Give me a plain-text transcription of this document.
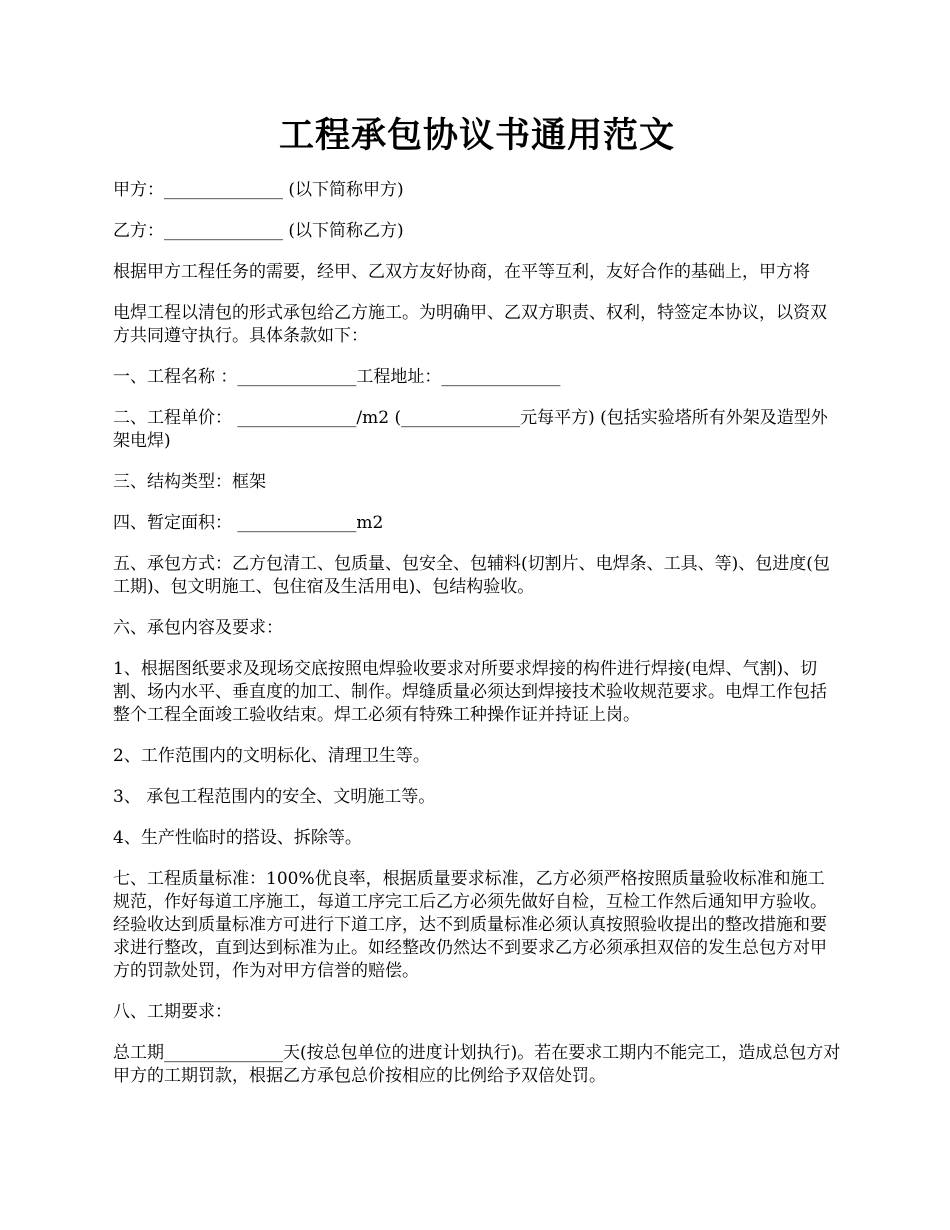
工程承包协议书通用范文

甲方：______________ (以下简称甲方)

乙方：______________ (以下简称乙方)

根据甲方工程任务的需要，经甲、乙双方友好协商，在平等互利，友好合作的基础上，甲方将

电焊工程以清包的形式承包给乙方施工。为明确甲、乙双方职责、权利，特签定本协议，以资双方共同遵守执行。具体条款如下：

一、工程名称 ：______________工程地址：______________

二、工程单价： ______________/m2 (______________元每平方) (包括实验塔所有外架及造型外架电焊)

三、结构类型：框架

四、暂定面积： ______________m2

五、承包方式：乙方包清工、包质量、包安全、包辅料(切割片、电焊条、工具、等)、包进度(包工期)、包文明施工、包住宿及生活用电)、包结构验收。

六、承包内容及要求：

1、根据图纸要求及现场交底按照电焊验收要求对所要求焊接的构件进行焊接(电焊、气割)、切割、场内水平、垂直度的加工、制作。焊缝质量必须达到焊接技术验收规范要求。电焊工作包括整个工程全面竣工验收结束。焊工必须有特殊工种操作证并持证上岗。

2、工作范围内的文明标化、清理卫生等。

3、 承包工程范围内的安全、文明施工等。

4、生产性临时的搭设、拆除等。

七、工程质量标准：100%优良率，根据质量要求标准，乙方必须严格按照质量验收标准和施工规范，作好每道工序施工，每道工序完工后乙方必须先做好自检，互检工作然后通知甲方验收。经验收达到质量标准方可进行下道工序，达不到质量标准必须认真按照验收提出的整改措施和要求进行整改，直到达到标准为止。如经整改仍然达不到要求乙方必须承担双倍的发生总包方对甲方的罚款处罚，作为对甲方信誉的赔偿。

八、工期要求：

总工期______________天(按总包单位的进度计划执行)。若在要求工期内不能完工，造成总包方对甲方的工期罚款，根据乙方承包总价按相应的比例给予双倍处罚。
